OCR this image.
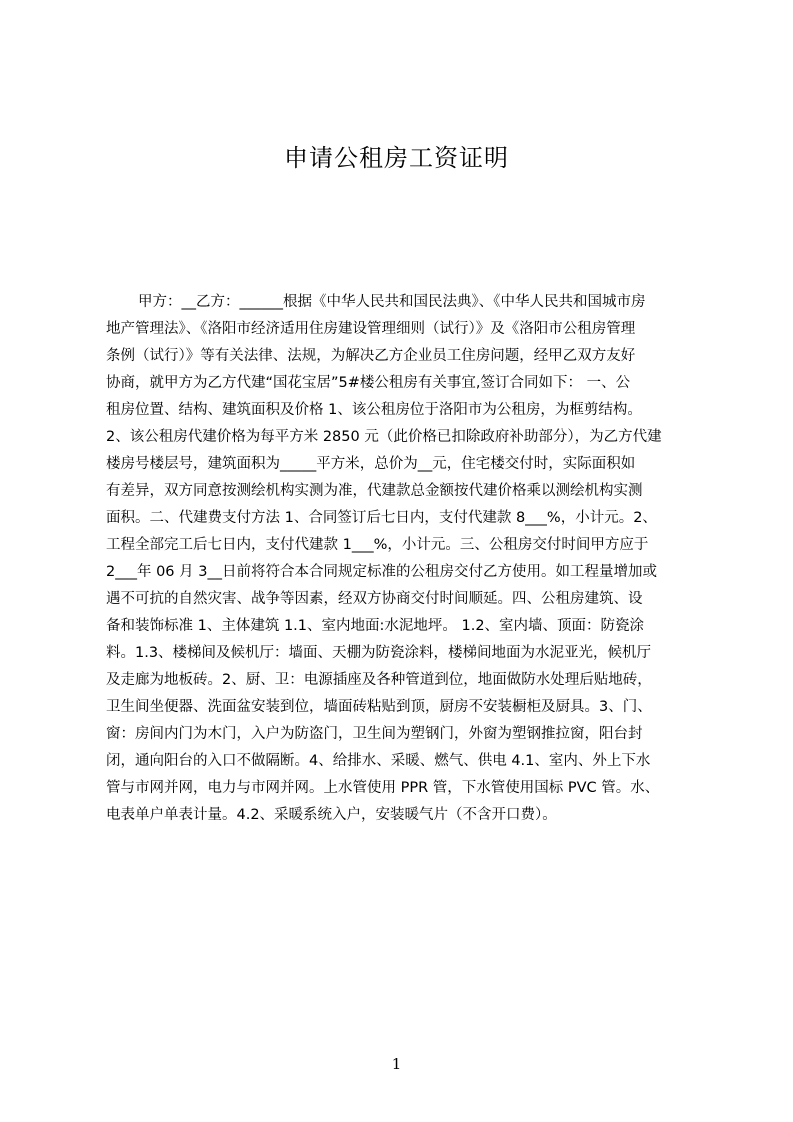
申请公租房工资证明
甲方：__乙方：______根据《中华人民共和国民法典》、《中华人民共和国城市房
地产管理法》、《洛阳市经济适用住房建设管理细则（试行）》及《洛阳市公租房管理
条例（试行）》等有关法律、法规，为解决乙方企业员工住房问题，经甲乙双方友好
协商，就甲方为乙方代建“国花宝居”5#楼公租房有关事宜,签订合同如下： 一、公
租房位置、结构、建筑面积及价格 1、该公租房位于洛阳市为公租房，为框剪结构。
2、该公租房代建价格为每平方米 2850 元（此价格已扣除政府补助部分），为乙方代建
楼房号楼层号，建筑面积为_____平方米，总价为__元，住宅楼交付时，实际面积如
有差异，双方同意按测绘机构实测为准，代建款总金额按代建价格乘以测绘机构实测
面积。二、代建费支付方法 1、合同签订后七日内，支付代建款 8___%，小计元。2、
工程全部完工后七日内，支付代建款 1___%，小计元。三、公租房交付时间甲方应于
2___年 06 月 3__日前将符合本合同规定标准的公租房交付乙方使用。如工程量增加或
遇不可抗的自然灾害、战争等因素，经双方协商交付时间顺延。四、公租房建筑、设
备和装饰标准 1、主体建筑 1.1、室内地面:水泥地坪。 1.2、室内墙、顶面：防瓷涂
料。1.3、楼梯间及候机厅：墙面、天棚为防瓷涂料，楼梯间地面为水泥亚光，候机厅
及走廊为地板砖。2、厨、卫：电源插座及各种管道到位，地面做防水处理后贴地砖，
卫生间坐便器、洗面盆安装到位，墙面砖粘贴到顶，厨房不安装橱柜及厨具。3、门、
窗：房间内门为木门，入户为防盗门，卫生间为塑钢门，外窗为塑钢推拉窗，阳台封
闭，通向阳台的入口不做隔断。4、给排水、采暖、燃气、供电 4.1、室内、外上下水
管与市网并网，电力与市网并网。上水管使用 PPR 管，下水管使用国标 PVC 管。水、
电表单户单表计量。4.2、采暖系统入户，安装暖气片（不含开口费）。
1
